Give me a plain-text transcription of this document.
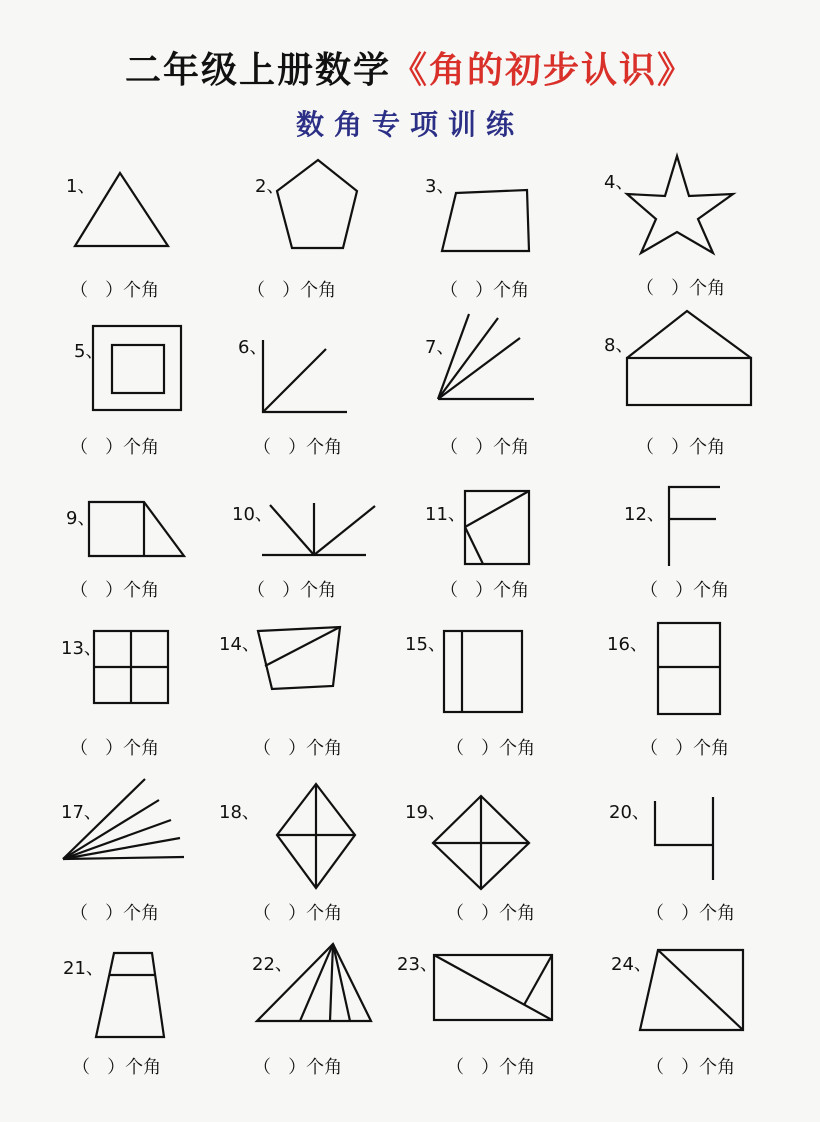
二年级上册数学《角的初步认识》
数角专项训练
1、	2、	3、	4、
5、	6、	7、	8、
9、	10、	11、	12、
13、	14、	15、	16、
17、	18、	19、	20、
21、	22、	23、	24、
（ ）个角	（ ）个角	（ ）个角	（ ）个角
（ ）个角	（ ）个角	（ ）个角	（ ）个角
（ ）个角	（ ）个角	（ ）个角	（ ）个角
（ ）个角	（ ）个角	（ ）个角	（ ）个角
（ ）个角	（ ）个角	（ ）个角	（ ）个角
（ ）个角	（ ）个角	（ ）个角	（ ）个角
